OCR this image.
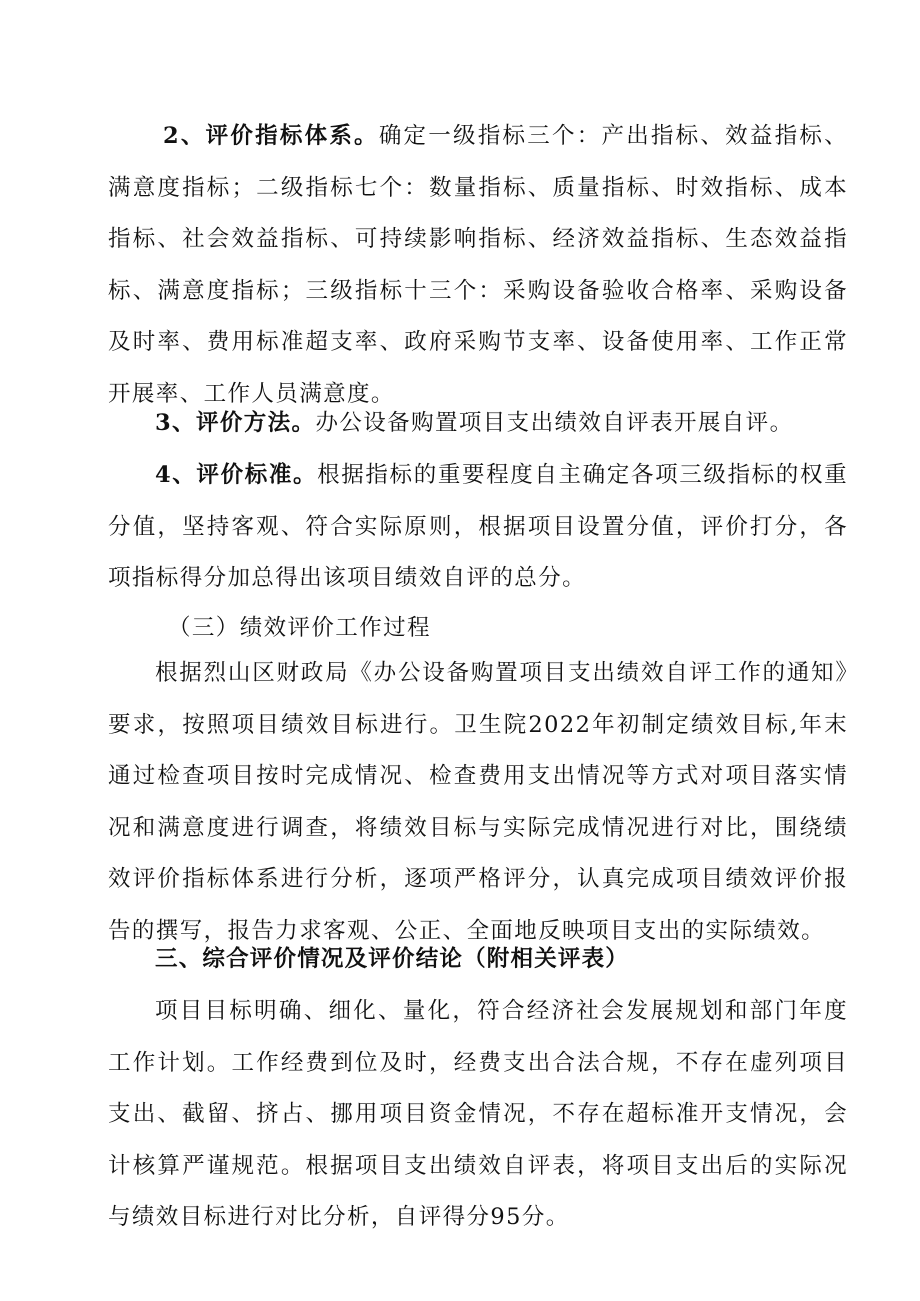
2、评价指标体系。确定一级指标三个：产出指标、效益指标、满意度指标；二级指标七个：数量指标、质量指标、时效指标、成本指标、社会效益指标、可持续影响指标、经济效益指标、生态效益指标、满意度指标；三级指标十三个：采购设备验收合格率、采购设备及时率、费用标准超支率、政府采购节支率、设备使用率、工作正常开展率、工作人员满意度。

3、评价方法。办公设备购置项目支出绩效自评表开展自评。

4、评价标准。根据指标的重要程度自主确定各项三级指标的权重分值，坚持客观、符合实际原则，根据项目设置分值，评价打分，各项指标得分加总得出该项目绩效自评的总分。

（三）绩效评价工作过程

根据烈山区财政局《办公设备购置项目支出绩效自评工作的通知》要求，按照项目绩效目标进行。卫生院2022年初制定绩效目标,年末通过检查项目按时完成情况、检查费用支出情况等方式对项目落实情况和满意度进行调查，将绩效目标与实际完成情况进行对比，围绕绩效评价指标体系进行分析，逐项严格评分，认真完成项目绩效评价报告的撰写，报告力求客观、公正、全面地反映项目支出的实际绩效。

三、综合评价情况及评价结论（附相关评表）

项目目标明确、细化、量化，符合经济社会发展规划和部门年度工作计划。工作经费到位及时，经费支出合法合规，不存在虚列项目支出、截留、挤占、挪用项目资金情况，不存在超标准开支情况，会计核算严谨规范。根据项目支出绩效自评表，将项目支出后的实际况与绩效目标进行对比分析，自评得分95分。
